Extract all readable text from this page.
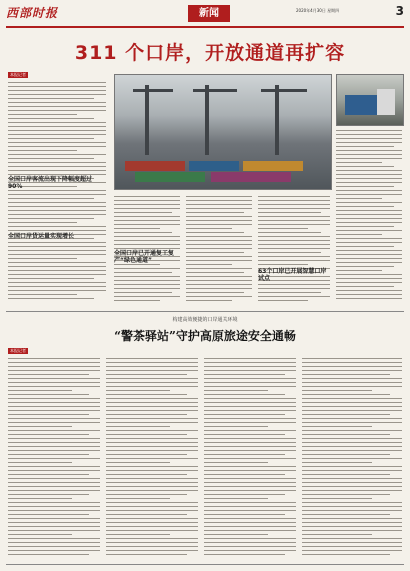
西部时报	新闻	2020年4月30日 星期四	3
311 个口岸，开放通道再扩容
本报记者
全国口岸客流出现下降幅度超过90%
全国口岸货运量实现增长
全国口岸已开通复工复产“绿色通道”
63个口岸已开展智慧口岸试点
构建高效便捷的口岸通关环境
“警茶驿站”守护高原旅途安全通畅
本报记者
